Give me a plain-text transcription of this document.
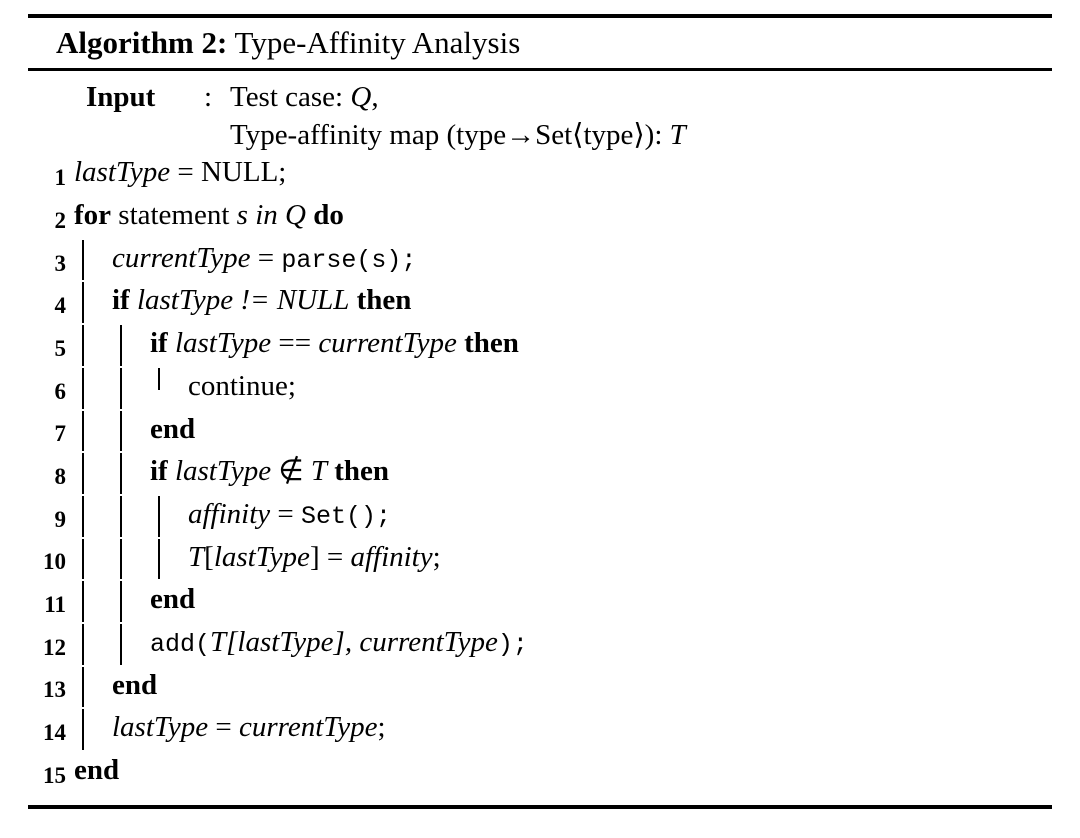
Algorithm 2: Type-Affinity Analysis
Input	: Test case: Q,
Type-affinity map (type→Set⟨type⟩): T
1 lastType = NULL;
2 for statement s in Q do
3 currentType = parse(s);
4 if lastType != NULL then
5	if lastType == currentType then
6	continue;
7	end
8	if lastType ∉ T then
9	affinity = Set();
10	T[lastType] = affinity;
11	end
12	add(T[lastType], currentType);
13 end
14 lastType = currentType;
15 end
